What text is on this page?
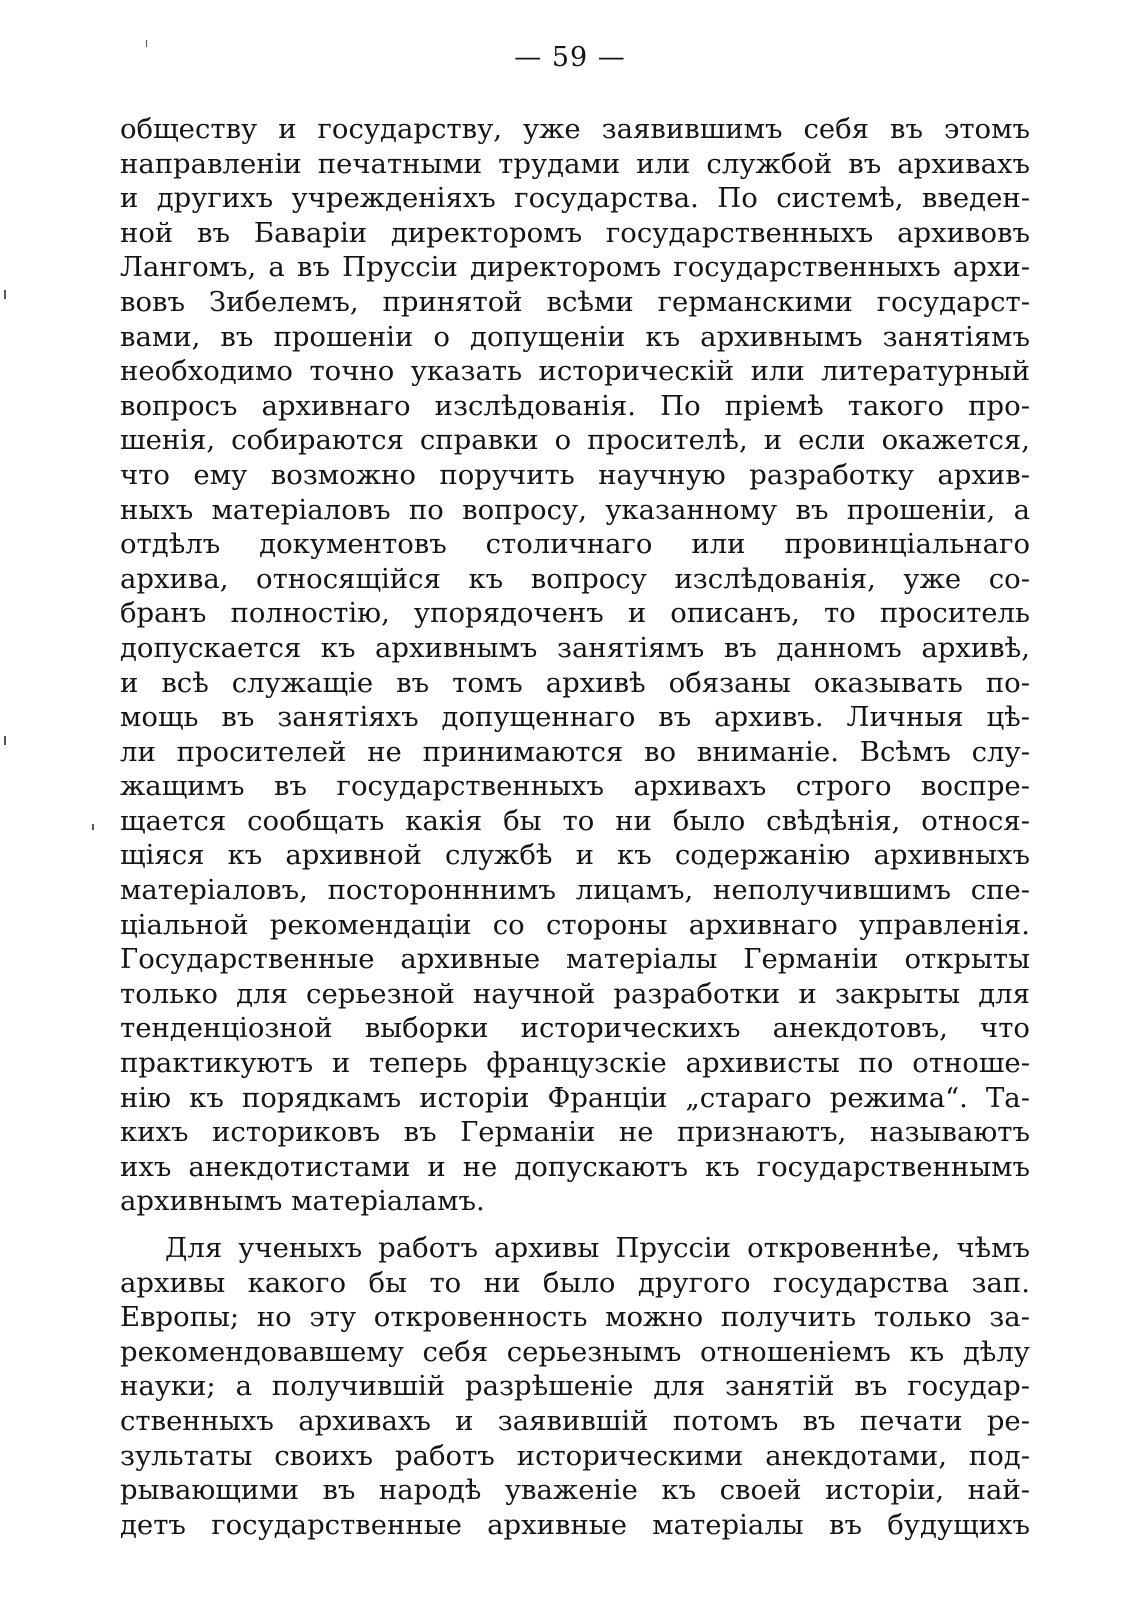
— 59 —
обществу и государству, уже заявившимъ себя въ этомъ
направленіи печатными трудами или службой въ архивахъ
и другихъ учрежденіяхъ государства. По системѣ, введен-
ной въ Баваріи директоромъ государственныхъ архивовъ
Лангомъ, а въ Пруссіи директоромъ государственныхъ архи-
вовъ Зибелемъ, принятой всѣми германскими государст-
вами, въ прошеніи о допущеніи къ архивнымъ занятіямъ
необходимо точно указать историческій или литературный
вопросъ архивнаго изслѣдованія. По пріемѣ такого про-
шенія, собираются справки о просителѣ, и если окажется,
что ему возможно поручить научную разработку архив-
ныхъ матеріаловъ по вопросу, указанному въ прошеніи, а
отдѣлъ документовъ столичнаго или провинціальнаго
архива, относящійся къ вопросу изслѣдованія, уже со-
бранъ полностію, упорядоченъ и описанъ, то проситель
допускается къ архивнымъ занятіямъ въ данномъ архивѣ,
и всѣ служащіе въ томъ архивѣ обязаны оказывать по-
мощь въ занятіяхъ допущеннаго въ архивъ. Личныя цѣ-
ли просителей не принимаются во вниманіе. Всѣмъ слу-
жащимъ въ государственныхъ архивахъ строго воспре-
щается сообщать какія бы то ни было свѣдѣнія, относя-
щіяся къ архивной службѣ и къ содержанію архивныхъ
матеріаловъ, посторонннимъ лицамъ, неполучившимъ спе-
ціальной рекомендаціи со стороны архивнаго управленія.
Государственные архивные матеріалы Германіи открыты
только для серьезной научной разработки и закрыты для
тенденціозной выборки историческихъ анекдотовъ, что
практикуютъ и теперь французскіе архивисты по отноше-
нію къ порядкамъ исторіи Франціи „стараго режима“. Та-
кихъ историковъ въ Германіи не признаютъ, называютъ
ихъ анекдотистами и не допускаютъ къ государственнымъ
архивнымъ матеріаламъ.
Для ученыхъ работъ архивы Пруссіи откровеннѣе, чѣмъ
архивы какого бы то ни было другого государства зап.
Европы; но эту откровенность можно получить только за-
рекомендовавшему себя серьезнымъ отношеніемъ къ дѣлу
науки; а получившій разрѣшеніе для занятій въ государ-
ственныхъ архивахъ и заявившій потомъ въ печати ре-
зультаты своихъ работъ историческими анекдотами, под-
рывающими въ народѣ уваженіе къ своей исторіи, най-
детъ государственные архивные матеріалы въ будущихъ
